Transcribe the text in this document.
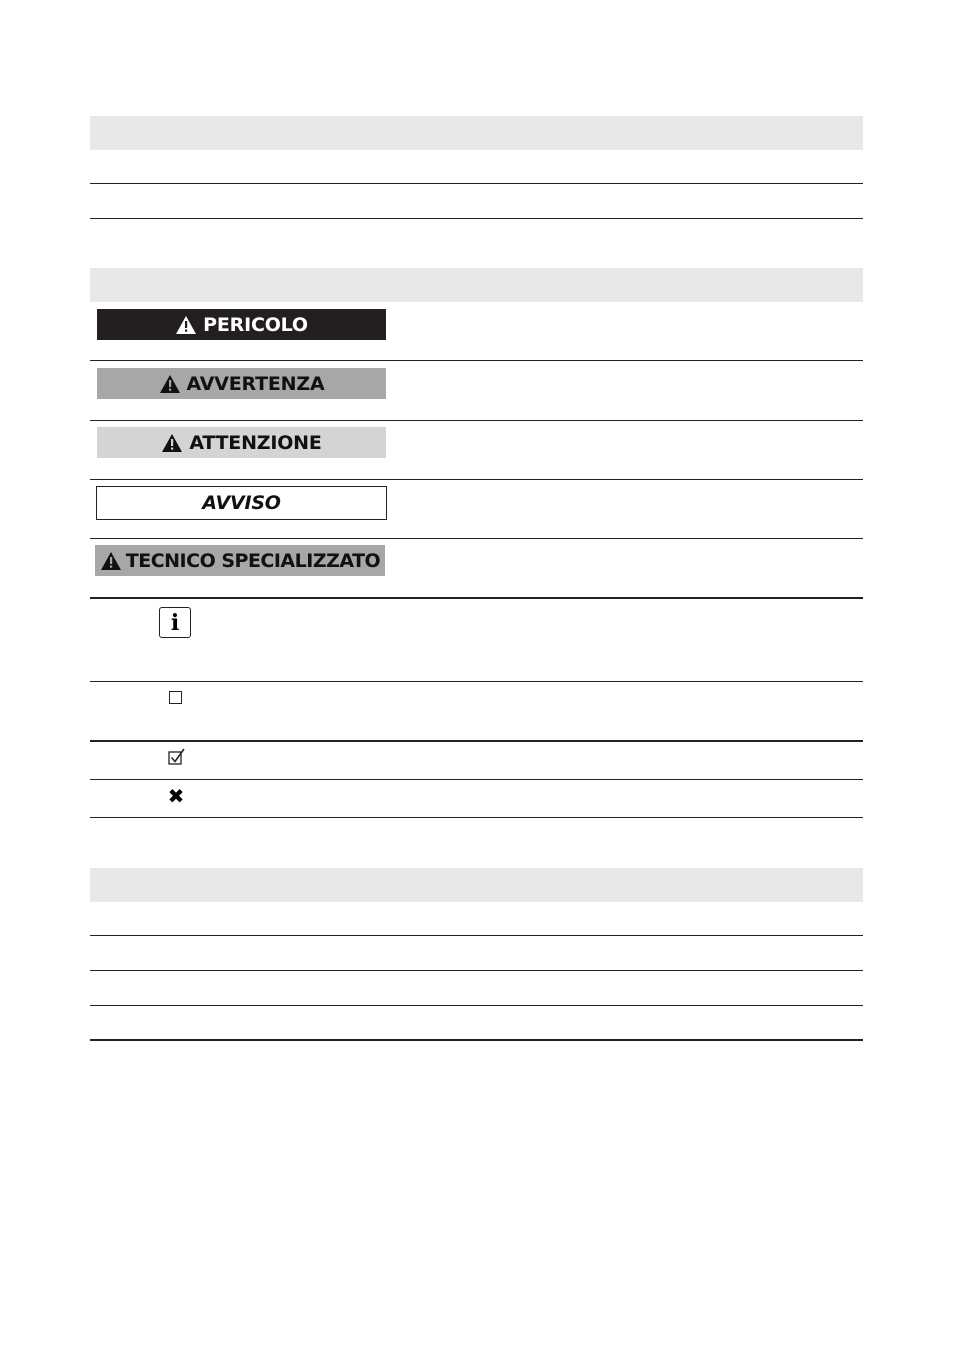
PERICOLO
AVVERTENZA
ATTENZIONE
AVVISO
TECNICO SPECIALIZZATO
i
✖
